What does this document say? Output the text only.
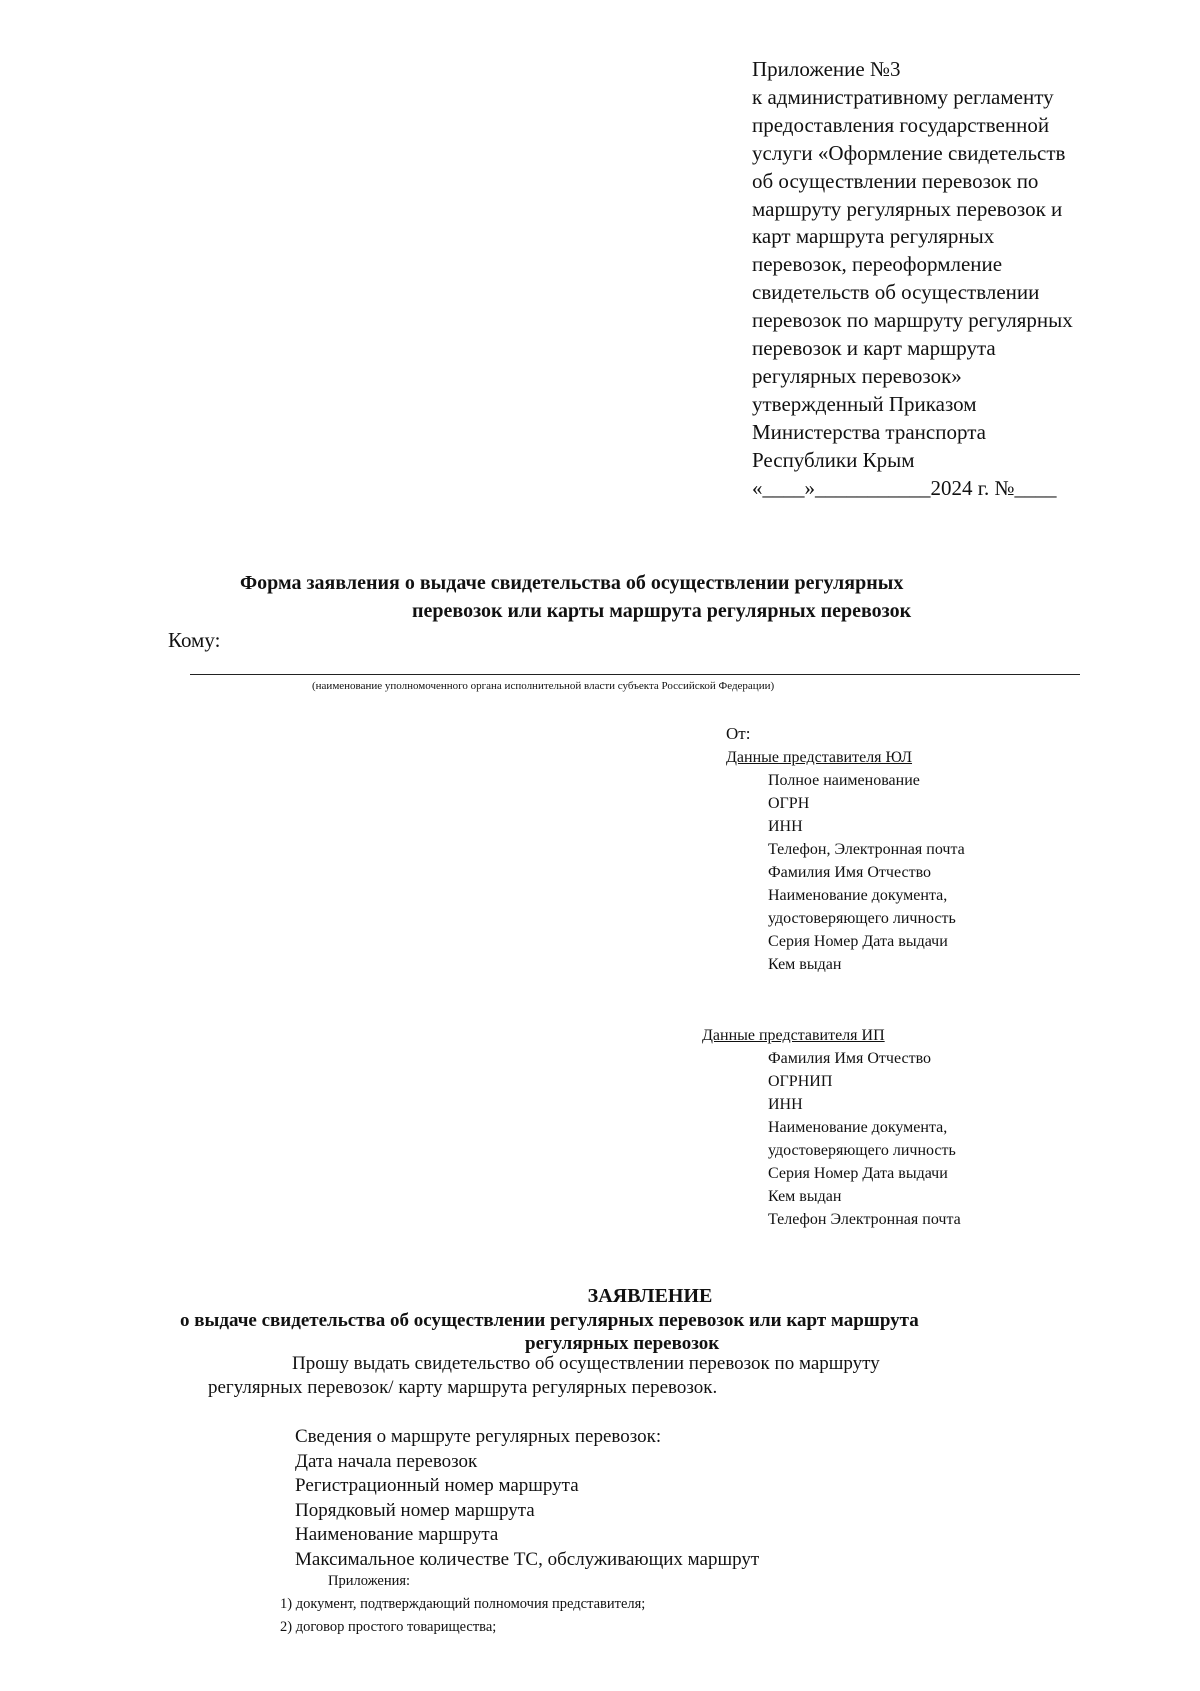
Приложение №3
к административному регламенту
предоставления государственной
услуги «Оформление свидетельств
об осуществлении перевозок по
маршруту регулярных перевозок и
карт маршрута регулярных
перевозок, переоформление
свидетельств об осуществлении
перевозок по маршруту регулярных
перевозок и карт маршрута
регулярных перевозок»
утвержденный Приказом
Министерства транспорта
Республики Крым
«____»___________2024 г. №____
Форма заявления о выдаче свидетельства об осуществлении регулярных
перевозок или карты маршрута регулярных перевозок
Кому:
(наименование уполномоченного органа исполнительной власти субъекта Российской Федерации)
От:
Данные представителя ЮЛ
Полное наименование
ОГРН
ИНН
Телефон, Электронная почта
Фамилия Имя Отчество
Наименование документа,
удостоверяющего личность
Серия Номер Дата выдачи
Кем выдан
Данные представителя ИП
Фамилия Имя Отчество
ОГРНИП
ИНН
Наименование документа,
удостоверяющего личность
Серия Номер Дата выдачи
Кем выдан
Телефон Электронная почта
ЗАЯВЛЕНИЕ
о выдаче свидетельства об осуществлении регулярных перевозок или карт маршрута
регулярных перевозок
Прошу выдать свидетельство об осуществлении перевозок по маршруту
регулярных перевозок/ карту маршрута регулярных перевозок.
Сведения о маршруте регулярных перевозок:
Дата начала перевозок
Регистрационный номер маршрута
Порядковый номер маршрута
Наименование маршрута
Максимальное количестве ТС, обслуживающих маршрут
Приложения:
1) документ, подтверждающий полномочия представителя;
2) договор простого товарищества;
